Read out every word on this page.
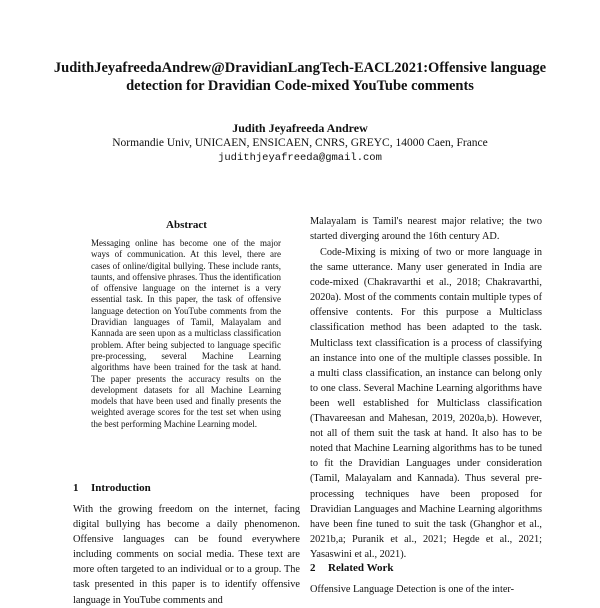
JudithJeyafreedaAndrew@DravidianLangTech-EACL2021:Offensive language detection for Dravidian Code-mixed YouTube comments
Judith Jeyafreeda Andrew
Normandie Univ, UNICAEN, ENSICAEN, CNRS, GREYC, 14000 Caen, France
judithjeyafreeda@gmail.com
Abstract

Messaging online has become one of the major ways of communication. At this level, there are cases of online/digital bullying. These include rants, taunts, and offensive phrases. Thus the identification of offensive language on the internet is a very essential task. In this paper, the task of offensive language detection on YouTube comments from the Dravidian languages of Tamil, Malayalam and Kannada are seen upon as a multiclass classification problem. After being subjected to language specific pre-processing, several Machine Learning algorithms have been trained for the task at hand. The paper presents the accuracy results on the development datasets for all Machine Learning models that have been used and finally presents the weighted average scores for the test set when using the best performing Machine Learning model.

1 Introduction

With the growing freedom on the internet, facing digital bullying has become a daily phenomenon. Offensive languages can be found everywhere including comments on social media. These text are more often targeted to an individual or to a group. The task presented in this paper is to identify offensive language in YouTube comments and

Malayalam is Tamil's nearest major relative; the two started diverging around the 16th century AD.

Code-Mixing is mixing of two or more language in the same utterance. Many user generated in India are code-mixed (Chakravarthi et al., 2018; Chakravarthi, 2020a). Most of the comments contain multiple types of offensive contents. For this purpose a Multiclass classification method has been adapted to the task. Multiclass text classification is a process of classifying an instance into one of the multiple classes possible. In a multi class classification, an instance can belong only to one class. Several Machine Learning algorithms have been well established for Multiclass classification (Thavareesan and Mahesan, 2019, 2020a,b). However, not all of them suit the task at hand. It also has to be noted that Machine Learning algorithms has to be tuned to fit the Dravidian Languages under consideration (Tamil, Malayalam and Kannada). Thus several pre-processing techniques have been proposed for Dravidian Languages and Machine Learning algorithms have been fine tuned to suit the task (Ghanghor et al., 2021b,a; Puranik et al., 2021; Hegde et al., 2021; Yasaswini et al., 2021).

2 Related Work

Offensive Language Detection is one of the inter-
